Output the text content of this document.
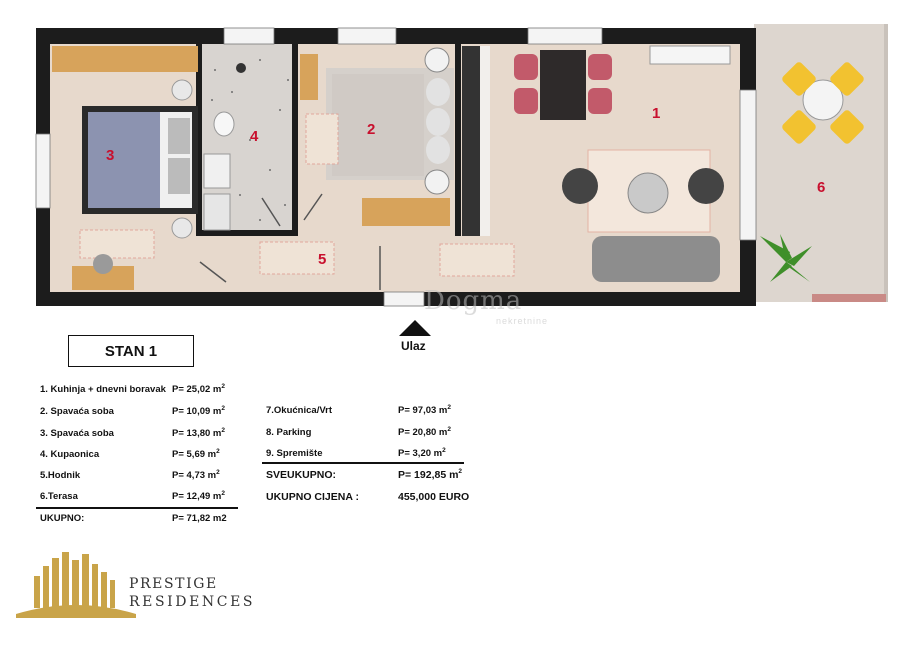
1
2
3
4
5
6
Dogma
nekretnine
Ulaz
STAN 1
1. Kuhinja + dnevni boravak P= 25,02 $m^2$
2. Spavaća soba	P= 10,09 $m^2$
3. Spavaća soba	P= 13,80 $m^2$
4. Kupaonica	P= 5,69 $m^2$
5.Hodnik	P= 4,73 $m^2$
6.Terasa	P= 12,49 $m^2$
UKUPNO:	P= 71,82 m2
7.Okućnica/Vrt	P= 97,03 $m^2$
8. Parking	P= 20,80 $m^2$
9. Spremište	P= 3,20 $m^2$
SVEUKUPNO:	P= 192,85 $m^2$
UKUPNO CIJENA :	455,000 EURO
PRESTIGE
RESIDENCES
